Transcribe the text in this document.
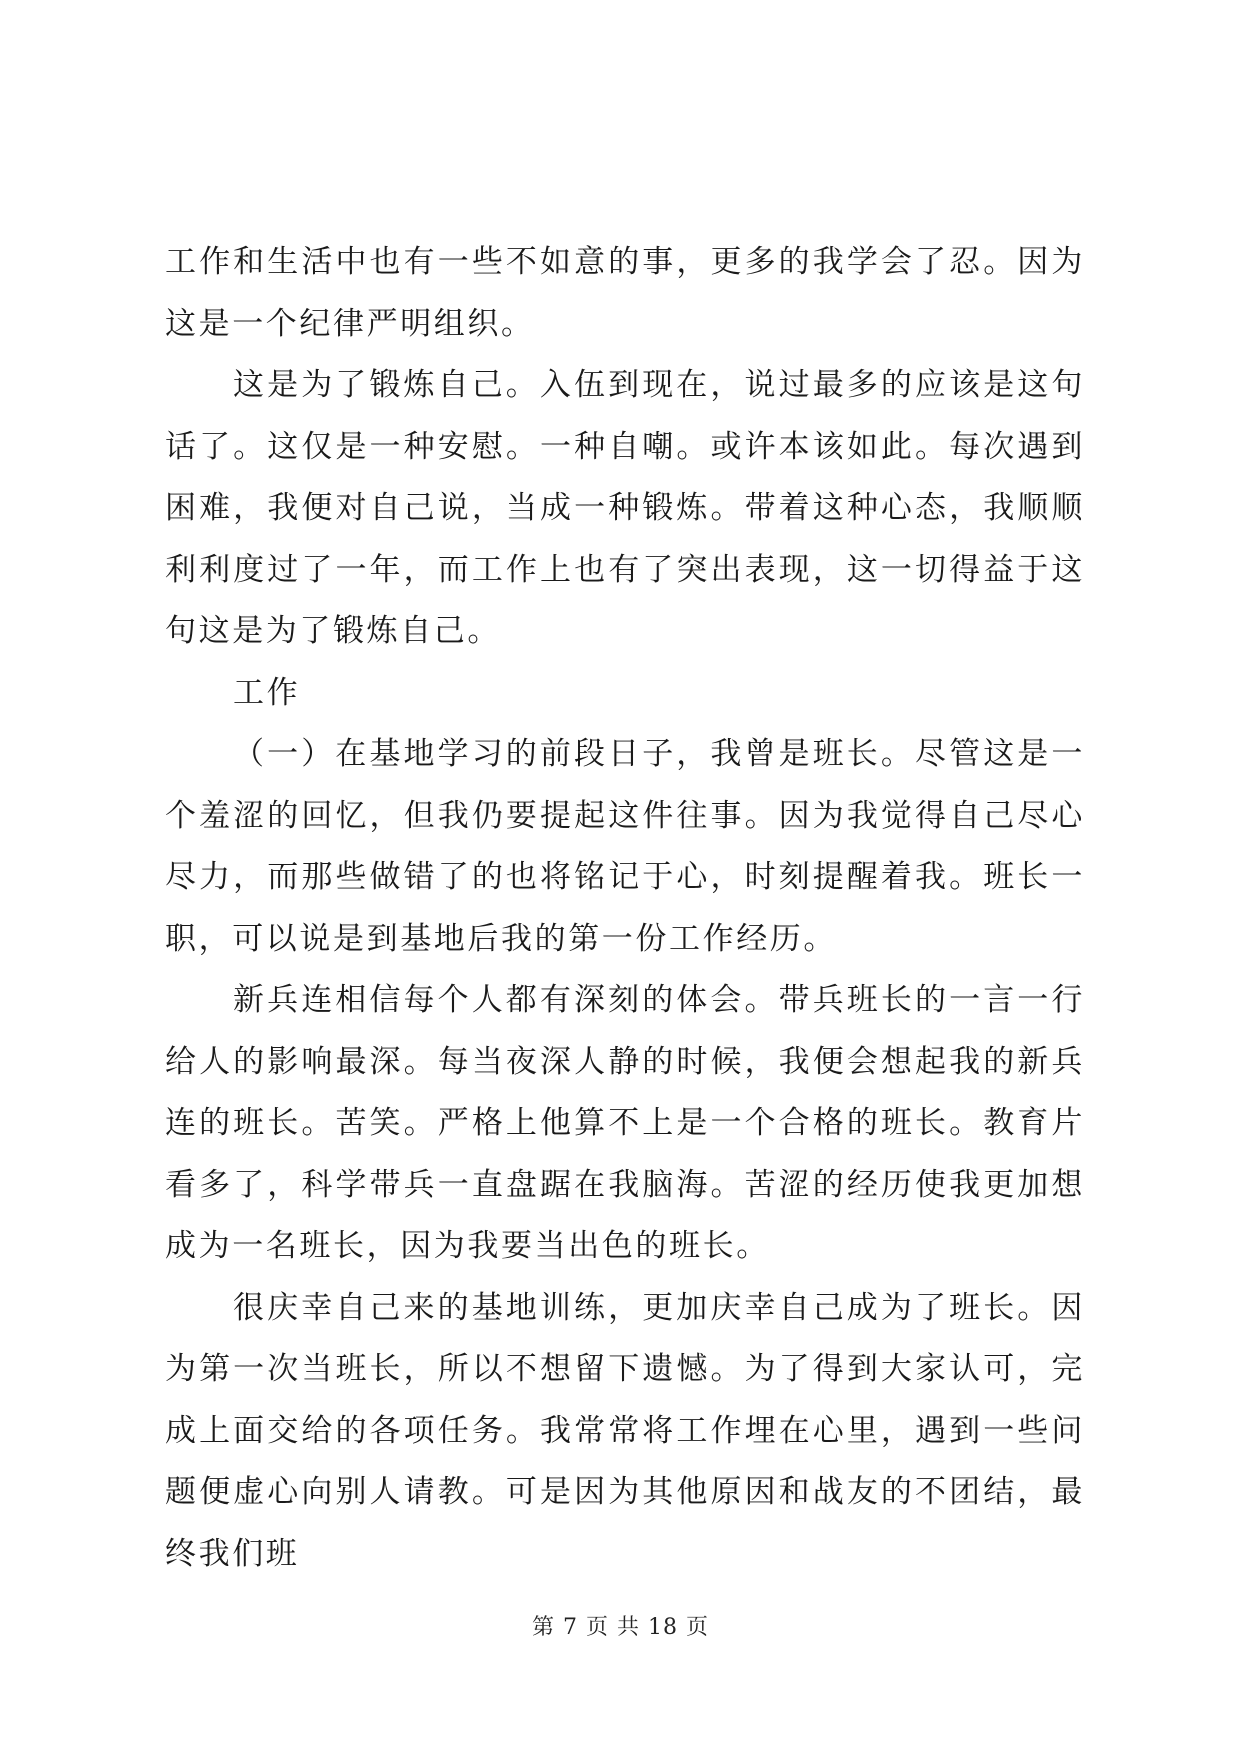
工作和生活中也有一些不如意的事，更多的我学会了忍。因为这是一个纪律严明组织。

这是为了锻炼自己。入伍到现在，说过最多的应该是这句话了。这仅是一种安慰。一种自嘲。或许本该如此。每次遇到困难，我便对自己说，当成一种锻炼。带着这种心态，我顺顺利利度过了一年，而工作上也有了突出表现，这一切得益于这句这是为了锻炼自己。

工作

（一）在基地学习的前段日子，我曾是班长。尽管这是一个羞涩的回忆，但我仍要提起这件往事。因为我觉得自己尽心尽力，而那些做错了的也将铭记于心，时刻提醒着我。班长一职，可以说是到基地后我的第一份工作经历。

新兵连相信每个人都有深刻的体会。带兵班长的一言一行给人的影响最深。每当夜深人静的时候，我便会想起我的新兵连的班长。苦笑。严格上他算不上是一个合格的班长。教育片看多了，科学带兵一直盘踞在我脑海。苦涩的经历使我更加想成为一名班长，因为我要当出色的班长。

很庆幸自己来的基地训练，更加庆幸自己成为了班长。因为第一次当班长，所以不想留下遗憾。为了得到大家认可，完成上面交给的各项任务。我常常将工作埋在心里，遇到一些问题便虚心向别人请教。可是因为其他原因和战友的不团结，最终我们班

第 7 页 共 18 页
